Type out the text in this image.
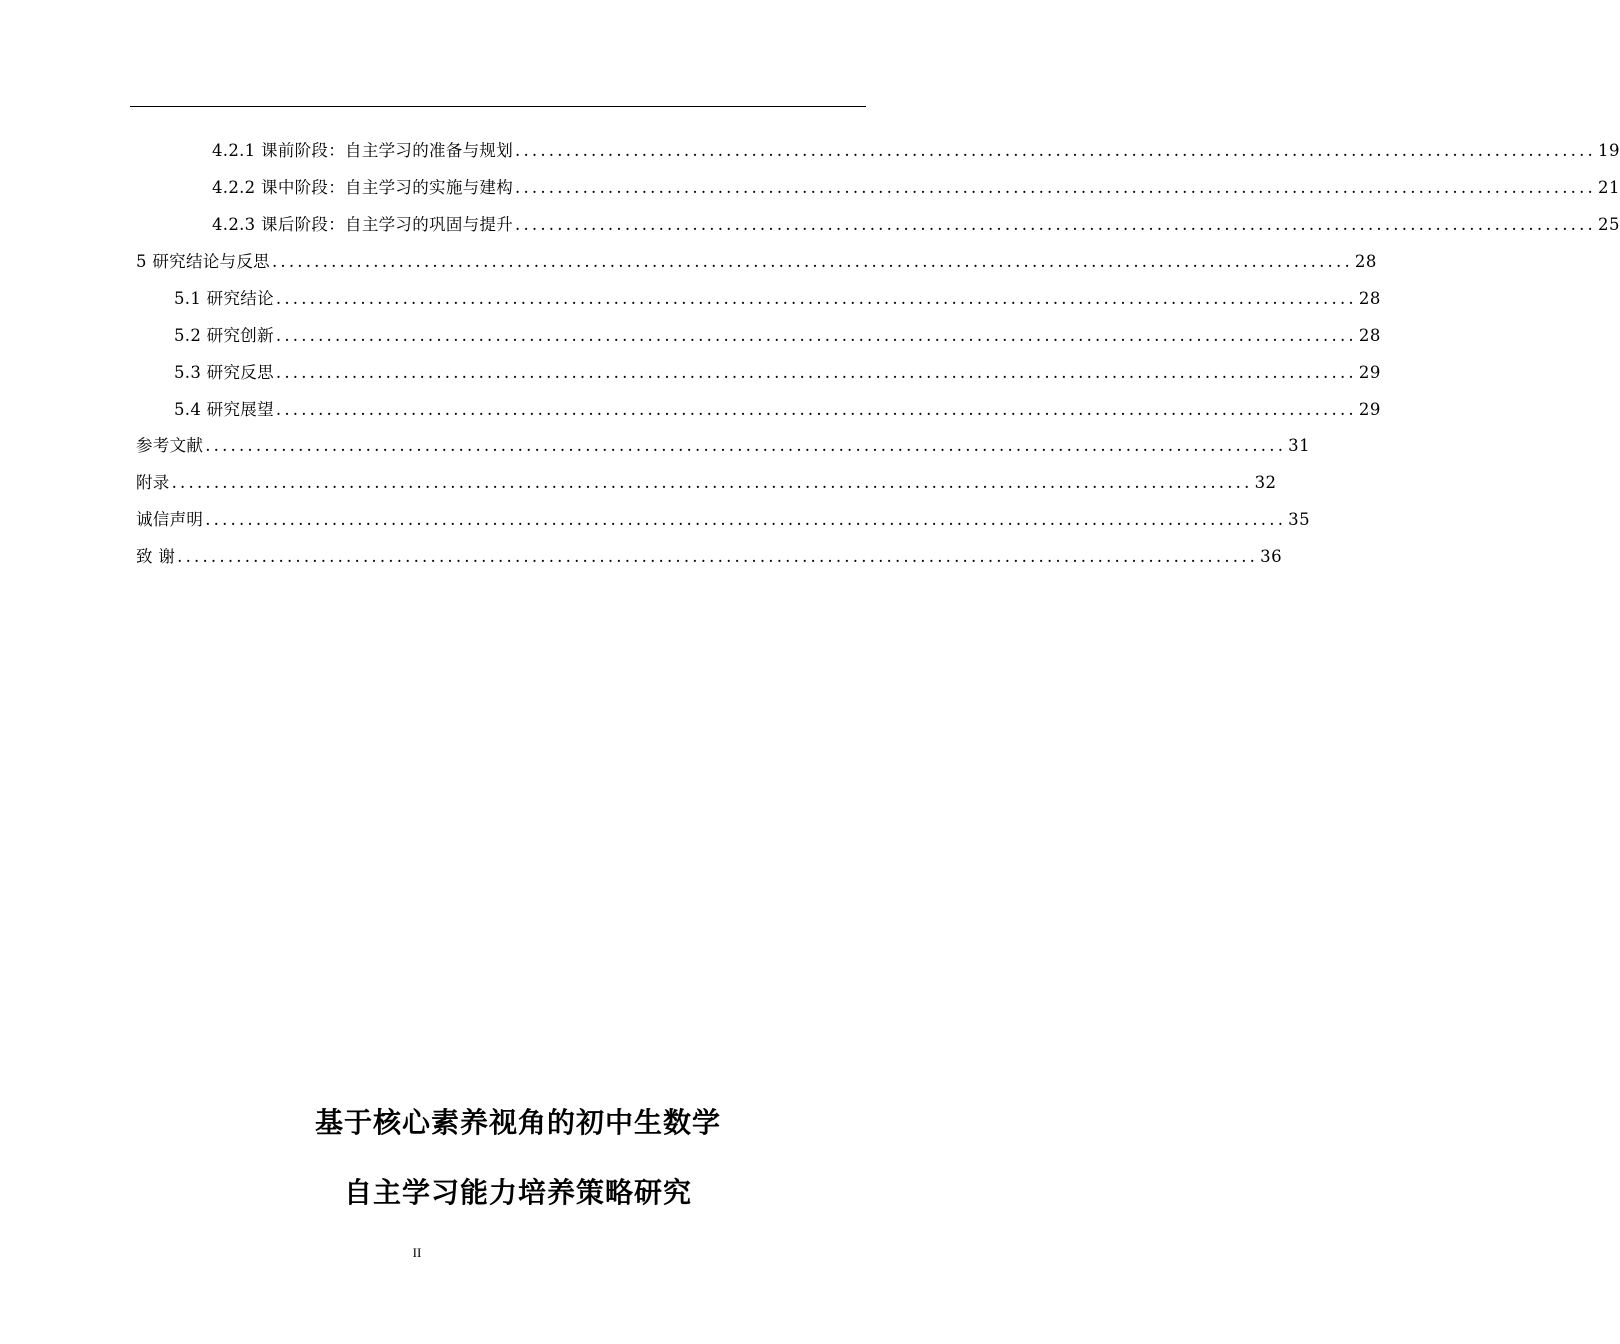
4.2.1 课前阶段：自主学习的准备与规划 ................................................................................................................................ 19
4.2.2 课中阶段：自主学习的实施与建构 ................................................................................................................................ 21
4.2.3 课后阶段：自主学习的巩固与提升 ................................................................................................................................ 25
5 研究结论与反思 ................................................................................................................................ 28
5.1 研究结论 ................................................................................................................................ 28
5.2 研究创新 ................................................................................................................................ 28
5.3 研究反思 ................................................................................................................................ 29
5.4 研究展望 ................................................................................................................................ 29
参考文献 ................................................................................................................................ 31
附录 ................................................................................................................................ 32
诚信声明 ................................................................................................................................ 35
致 谢 ................................................................................................................................ 36
基于核心素养视角的初中生数学
自主学习能力培养策略研究
II
